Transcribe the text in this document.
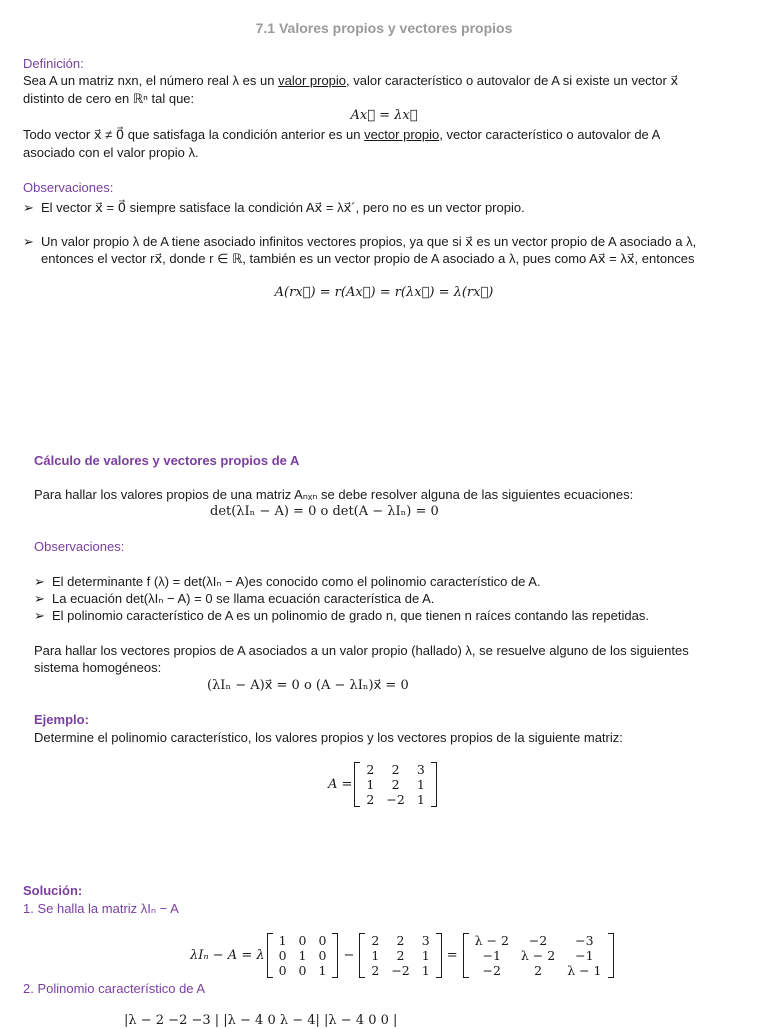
7.1 Valores propios y vectores propios
Definición:
Sea A un matriz nxn, el número real λ es un valor propio, valor característico o autovalor de A si existe un vector x⃗
distinto de cero en ℝⁿ tal que:
Ax⃗ = λx⃗
Todo vector x⃗ ≠ 0⃗ que satisfaga la condición anterior es un vector propio, vector característico o autovalor de A
asociado con el valor propio λ.
Observaciones:
➢ El vector x⃗ = 0⃗ siempre satisface la condición Ax⃗ = λx⃗´, pero no es un vector propio.
➢ Un valor propio λ de A tiene asociado infinitos vectores propios, ya que si x⃗ es un vector propio de A asociado a λ,
entonces el vector rx⃗, donde r ∈ ℝ, también es un vector propio de A asociado a λ, pues como Ax⃗ = λx⃗, entonces
A(rx⃗) = r(Ax⃗) = r(λx⃗) = λ(rx⃗)
Cálculo de valores y vectores propios de A
Para hallar los valores propios de una matriz Aₙₓₙ se debe resolver alguna de las siguientes ecuaciones:
det(λIₙ − A) = 0 o det(A − λIₙ) = 0
Observaciones:
➢ El determinante f (λ) = det(λIₙ − A)es conocido como el polinomio característico de A.
➢ La ecuación det(λIₙ − A) = 0 se llama ecuación característica de A.
➢ El polinomio característico de A es un polinomio de grado n, que tienen n raíces contando las repetidas.
Para hallar los vectores propios de A asociados a un valor propio (hallado) λ, se resuelve alguno de los siguientes
sistema homogéneos:
(λIₙ − A)x⃗ = 0 o (A − λIₙ)x⃗ = 0
Ejemplo:
Determine el polinomio característico, los valores propios y los vectores propios de la siguiente matriz:
A =
2	2	3
1	2	1
2	−2	1
Solución:
1. Se halla la matriz λIₙ − A
λIₙ − A = λ
1	0	0
0	1	0
0	0	1
−
2	2	3
1	2	1
2	−2	1
=
λ − 2	−2	−3
−1	λ − 2	−1
−2	2	λ − 1
2. Polinomio característico de A
|λ − 2 −2 −3 | |λ − 4 0 λ − 4| |λ − 4 0 0 |
